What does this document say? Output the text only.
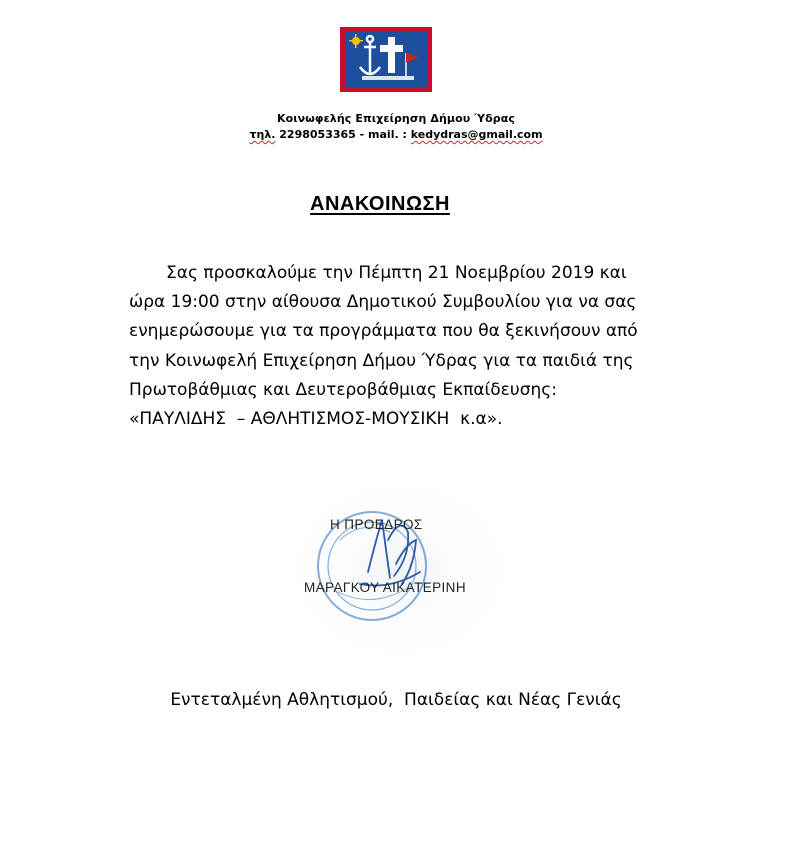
Κοινωφελής Επιχείρηση Δήμου Ύδρας
τηλ. 2298053365 - mail. : kedydras@gmail.com
ΑΝΑΚΟΙΝΩΣΗ
Σας προσκαλούμε την Πέμπτη 21 Νοεμβρίου 2019 και
ώρα 19:00 στην αίθουσα Δημοτικού Συμβουλίου για να σας
ενημερώσουμε για τα προγράμματα που θα ξεκινήσουν από
την Κοινωφελή Επιχείρηση Δήμου Ύδρας για τα παιδιά της
Πρωτοβάθμιας και Δευτεροβάθμιας Εκπαίδευσης:
«ΠΑΥΛΙΔΗΣ  – ΑΘΛΗΤΙΣΜΟΣ-ΜΟΥΣΙΚΗ  κ.α».
Η ΠΡΟΕΔΡΟΣ
ΜΑΡΑΓΚΟΥ ΑΙΚΑΤΕΡΙΝΗ
Εντεταλμένη Αθλητισμού,  Παιδείας και Νέας Γενιάς
